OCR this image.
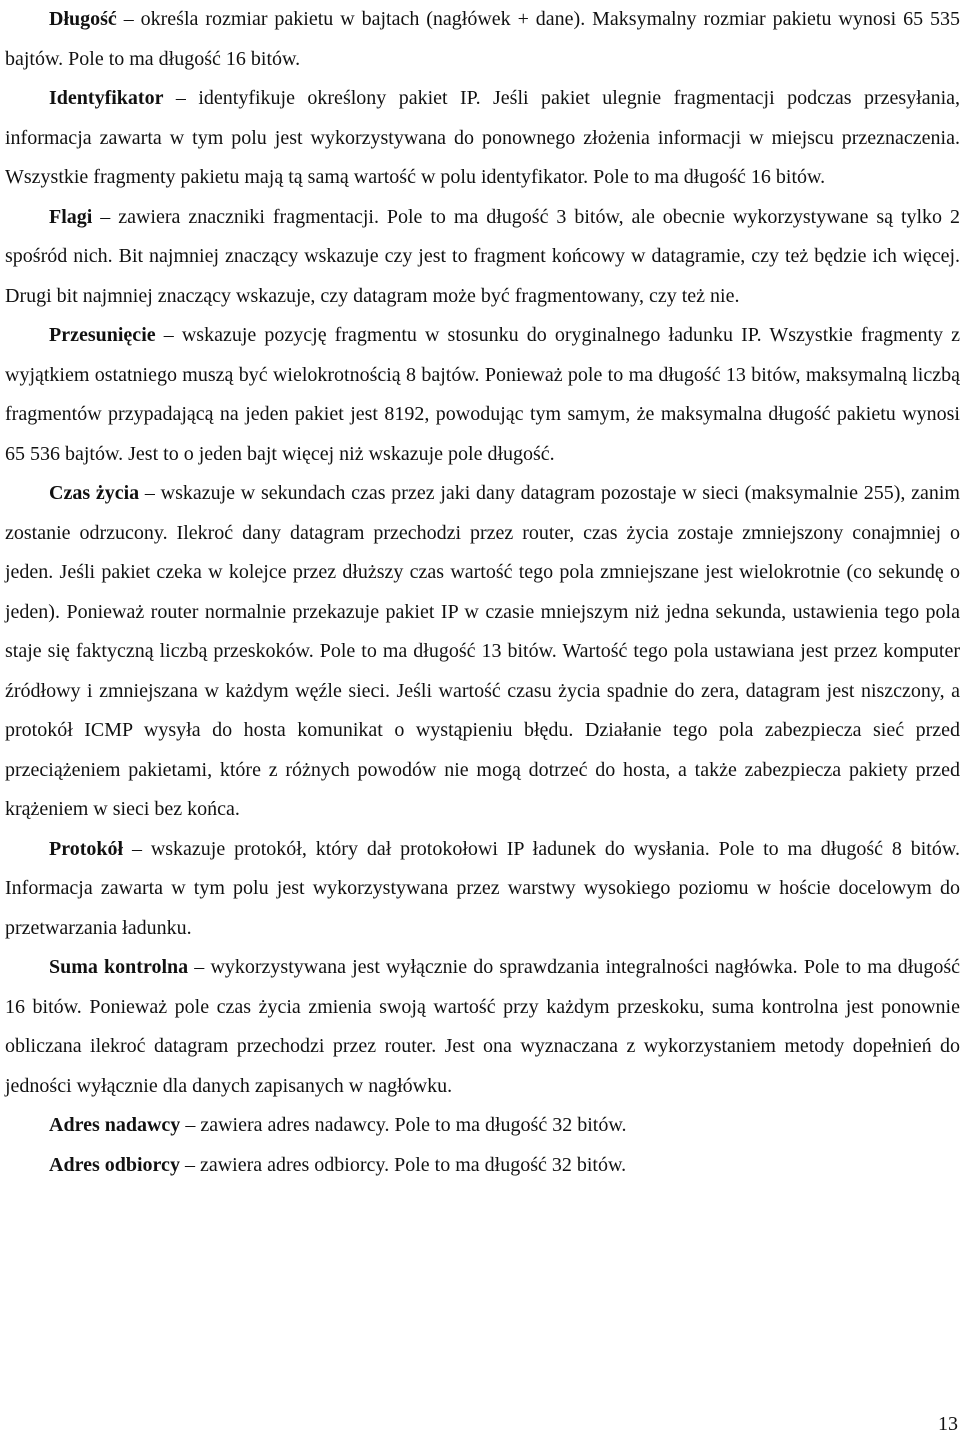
Długość – określa rozmiar pakietu w bajtach (nagłówek + dane). Maksymalny rozmiar pakietu wynosi 65 535 bajtów. Pole to ma długość 16 bitów.

Identyfikator – identyfikuje określony pakiet IP. Jeśli pakiet ulegnie fragmentacji podczas przesyłania, informacja zawarta w tym polu jest wykorzystywana do ponownego złożenia informacji w miejscu przeznaczenia. Wszystkie fragmenty pakietu mają tą samą wartość w polu identyfikator. Pole to ma długość 16 bitów.

Flagi – zawiera znaczniki fragmentacji. Pole to ma długość 3 bitów, ale obecnie wykorzystywane są tylko 2 spośród nich. Bit najmniej znaczący wskazuje czy jest to fragment końcowy w datagramie, czy też będzie ich więcej. Drugi bit najmniej znaczący wskazuje, czy datagram może być fragmentowany, czy też nie.

Przesunięcie – wskazuje pozycję fragmentu w stosunku do oryginalnego ładunku IP. Wszystkie fragmenty z wyjątkiem ostatniego muszą być wielokrotnością 8 bajtów. Ponieważ pole to ma długość 13 bitów, maksymalną liczbą fragmentów przypadającą na jeden pakiet jest 8192, powodując tym samym, że maksymalna długość pakietu wynosi 65 536 bajtów. Jest to o jeden bajt więcej niż wskazuje pole długość.

Czas życia – wskazuje w sekundach czas przez jaki dany datagram pozostaje w sieci (maksymalnie 255), zanim zostanie odrzucony. Ilekroć dany datagram przechodzi przez router, czas życia zostaje zmniejszony conajmniej o jeden. Jeśli pakiet czeka w kolejce przez dłuższy czas wartość tego pola zmniejszane jest wielokrotnie (co sekundę o jeden). Ponieważ router normalnie przekazuje pakiet IP w czasie mniejszym niż jedna sekunda, ustawienia tego pola staje się faktyczną liczbą przeskoków. Pole to ma długość 13 bitów. Wartość tego pola ustawiana jest przez komputer źródłowy i zmniejszana w każdym węźle sieci. Jeśli wartość czasu życia spadnie do zera, datagram jest niszczony, a protokół ICMP wysyła do hosta komunikat o wystąpieniu błędu. Działanie tego pola zabezpiecza sieć przed przeciążeniem pakietami, które z różnych powodów nie mogą dotrzeć do hosta, a także zabezpiecza pakiety przed krążeniem w sieci bez końca.

Protokół – wskazuje protokół, który dał protokołowi IP ładunek do wysłania. Pole to ma długość 8 bitów. Informacja zawarta w tym polu jest wykorzystywana przez warstwy wysokiego poziomu w hoście docelowym do przetwarzania ładunku.

Suma kontrolna – wykorzystywana jest wyłącznie do sprawdzania integralności nagłówka. Pole to ma długość 16 bitów. Ponieważ pole czas życia zmienia swoją wartość przy każdym przeskoku, suma kontrolna jest ponownie obliczana ilekroć datagram przechodzi przez router. Jest ona wyznaczana z wykorzystaniem metody dopełnień do jedności wyłącznie dla danych zapisanych w nagłówku.

Adres nadawcy – zawiera adres nadawcy. Pole to ma długość 32 bitów.

Adres odbiorcy – zawiera adres odbiorcy. Pole to ma długość 32 bitów.

13
